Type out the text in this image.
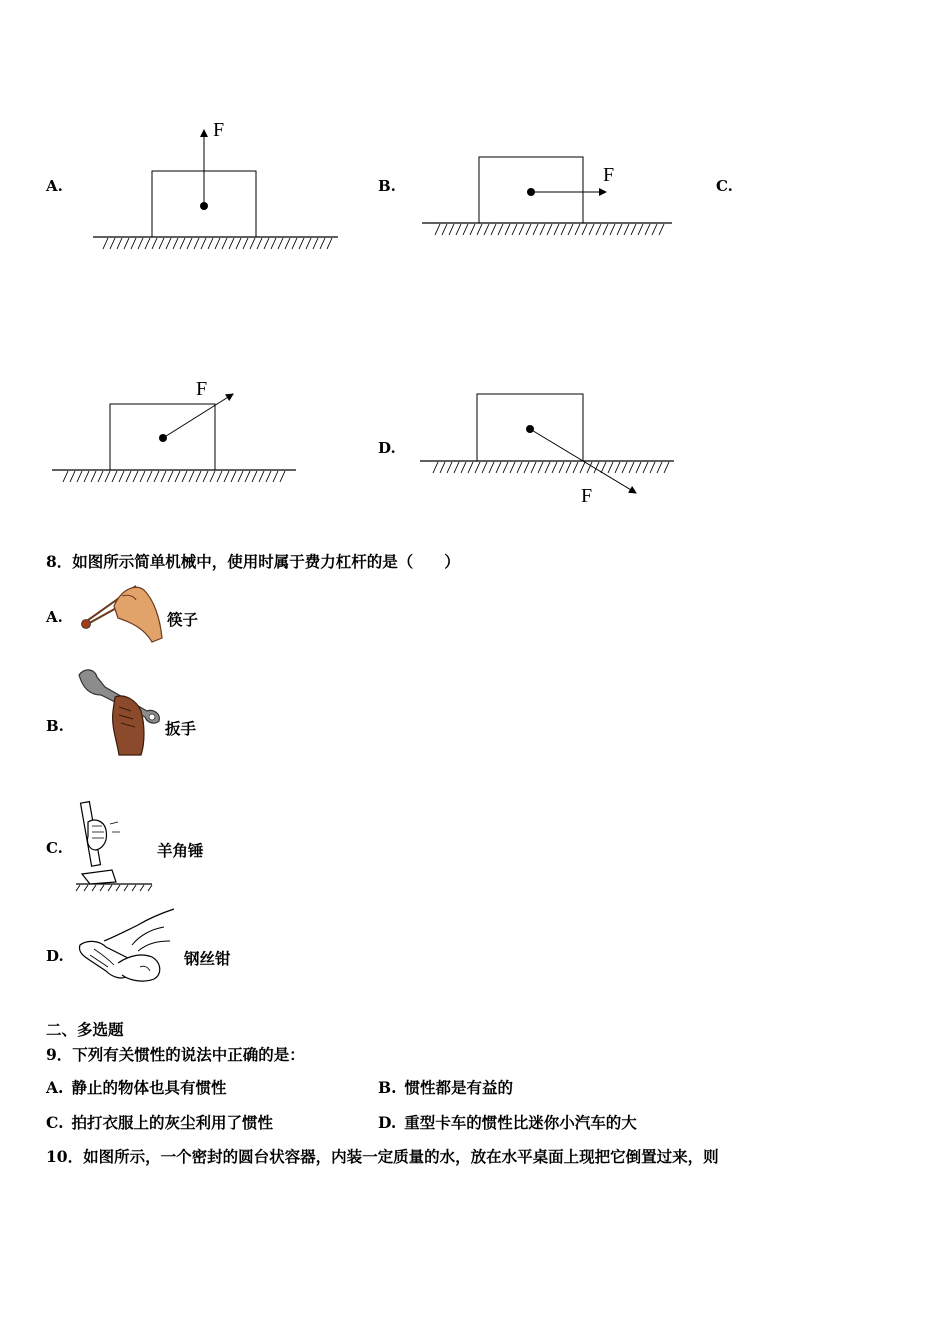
A.
F
B.	F	C.
F
D.
F
8．如图所示简单机械中，使用时属于费力杠杆的是（　　）
A.	筷子
B.	扳手
C.	羊角锤
D.	钢丝钳
二、多选题
9．下列有关惯性的说法中正确的是：
A. 静止的物体也具有惯性	B. 惯性都是有益的
C. 拍打衣服上的灰尘利用了惯性	D. 重型卡车的惯性比迷你小汽车的大
10．如图所示，一个密封的圆台状容器，内装一定质量的水，放在水平桌面上现把它倒置过来，则
